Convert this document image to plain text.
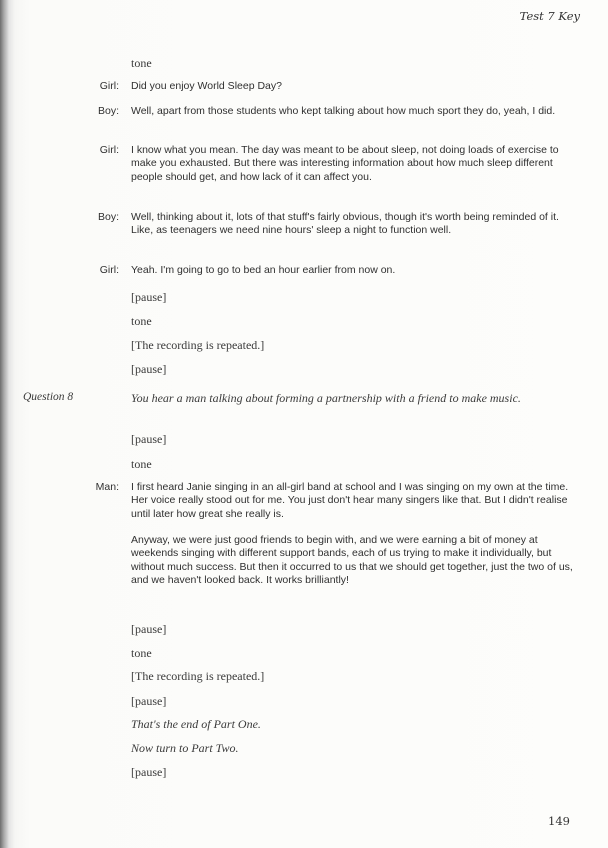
Test 7 Key
tone
Girl: Did you enjoy World Sleep Day?
Boy: Well, apart from those students who kept talking about how much sport they do, yeah, I did.
Girl: I know what you mean. The day was meant to be about sleep, not doing loads of exercise to make you exhausted. But there was interesting information about how much sleep different people should get, and how lack of it can affect you.
Boy: Well, thinking about it, lots of that stuff's fairly obvious, though it's worth being reminded of it. Like, as teenagers we need nine hours' sleep a night to function well.
Girl: Yeah. I'm going to go to bed an hour earlier from now on.
[pause]
tone
[The recording is repeated.]
[pause]
Question 8	You hear a man talking about forming a partnership with a friend to make music.
[pause]
tone
Man: I first heard Janie singing in an all-girl band at school and I was singing on my own at the time. Her voice really stood out for me. You just don't hear many singers like that. But I didn't realise until later how great she really is.
Anyway, we were just good friends to begin with, and we were earning a bit of money at weekends singing with different support bands, each of us trying to make it individually, but without much success. But then it occurred to us that we should get together, just the two of us, and we haven't looked back. It works brilliantly!
[pause]
tone
[The recording is repeated.]
[pause]
That's the end of Part One.
Now turn to Part Two.
[pause]
149
